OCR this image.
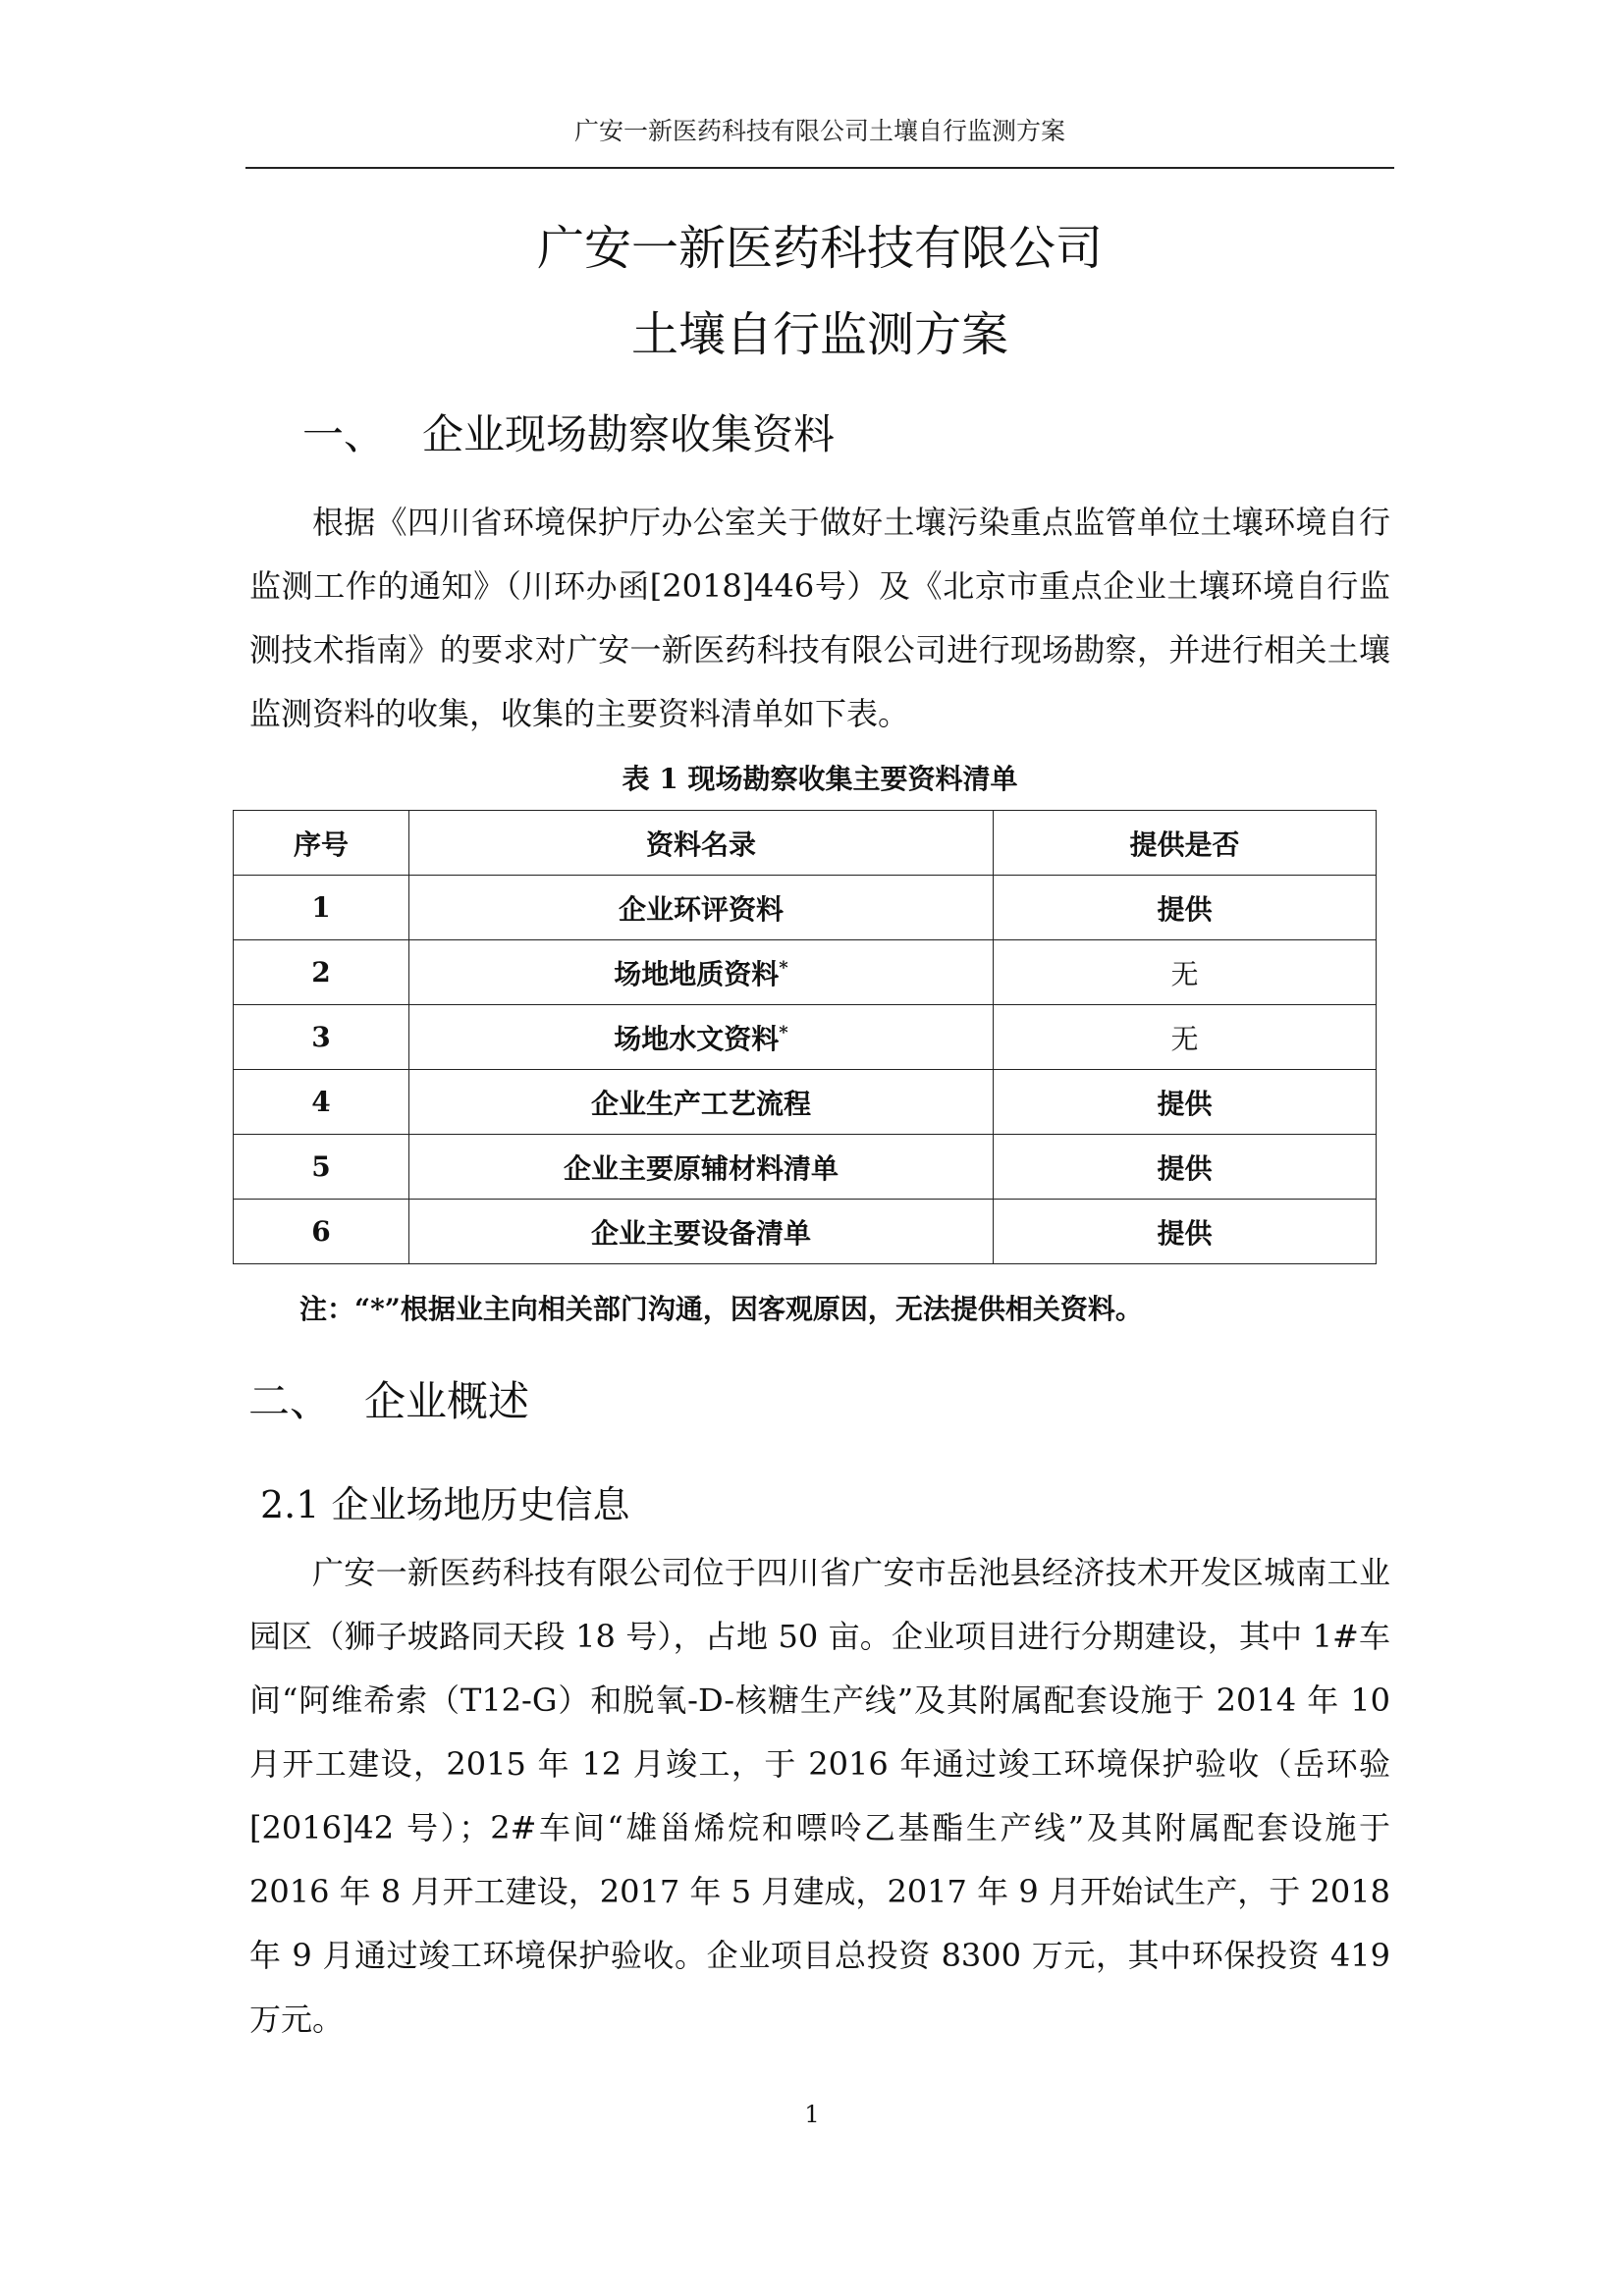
广安一新医药科技有限公司土壤自行监测方案
广安一新医药科技有限公司
土壤自行监测方案
一、 企业现场勘察收集资料

根据《四川省环境保护厅办公室关于做好土壤污染重点监管单位土壤环境自行监测工作的通知》（川环办函[2018]446号）及《北京市重点企业土壤环境自行监测技术指南》的要求对广安一新医药科技有限公司进行现场勘察，并进行相关土壤监测资料的收集，收集的主要资料清单如下表。

表 1 现场勘察收集主要资料清单
序号	资料名录	提供是否
1	企业环评资料	提供
2	场地地质资料*	无
3	场地水文资料*	无
4	企业生产工艺流程	提供
5	企业主要原辅材料清单	提供
6	企业主要设备清单	提供
注：“*”根据业主向相关部门沟通，因客观原因，无法提供相关资料。
二、 企业概述
2.1 企业场地历史信息

广安一新医药科技有限公司位于四川省广安市岳池县经济技术开发区城南工业园区（狮子坡路同天段 18 号），占地 50 亩。企业项目进行分期建设，其中 1#车间“阿维希索（T12-G）和脱氧-D-核糖生产线”及其附属配套设施于 2014 年 10 月开工建设，2015 年 12 月竣工，于 2016 年通过竣工环境保护验收（岳环验[2016]42 号）；2#车间“雄甾烯烷和嘌呤乙基酯生产线”及其附属配套设施于 2016 年 8 月开工建设，2017 年 5 月建成，2017 年 9 月开始试生产，于 2018 年 9 月通过竣工环境保护验收。企业项目总投资 8300 万元，其中环保投资 419 万元。

1
